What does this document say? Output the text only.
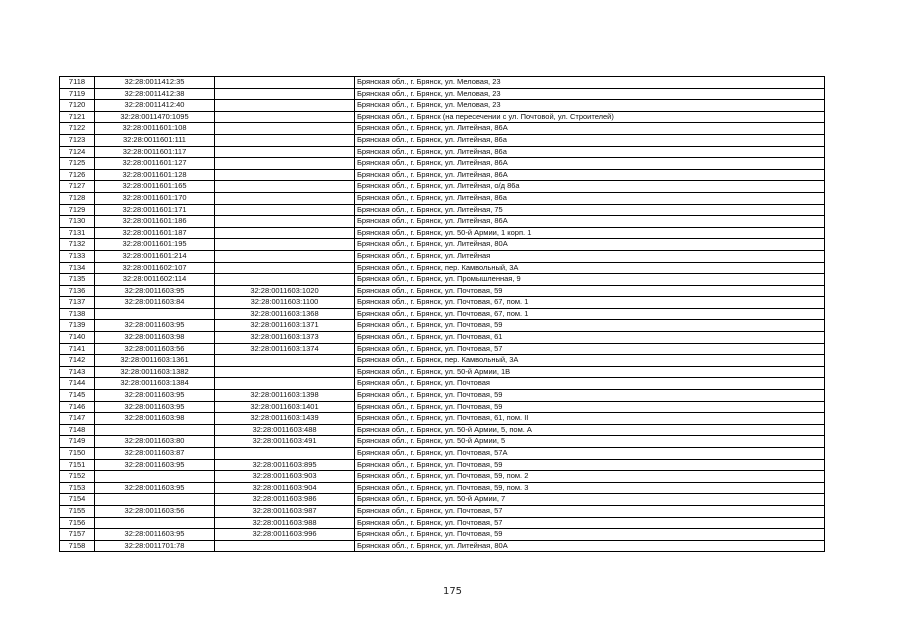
7118	32:28:0011412:35		Брянская обл., г. Брянск, ул. Меловая, 23
7119	32:28:0011412:38		Брянская обл., г. Брянск, ул. Меловая, 23
7120	32:28:0011412:40		Брянская обл., г. Брянск, ул. Меловая, 23
7121	32:28:0011470:1095		Брянская обл., г. Брянск (на пересечении с ул. Почтовой, ул. Строителей)
7122	32:28:0011601:108		Брянская обл., г. Брянск, ул. Литейная, 86А
7123	32:28:0011601:111		Брянская обл., г. Брянск, ул. Литейная, 86а
7124	32:28:0011601:117		Брянская обл., г. Брянск, ул. Литейная, 86а
7125	32:28:0011601:127		Брянская обл., г. Брянск, ул. Литейная, 86А
7126	32:28:0011601:128		Брянская обл., г. Брянск, ул. Литейная, 86А
7127	32:28:0011601:165		Брянская обл., г. Брянск, ул. Литейная, о/д 86а
7128	32:28:0011601:170		Брянская обл., г. Брянск, ул. Литейная, 86а
7129	32:28:0011601:171		Брянская обл., г. Брянск, ул. Литейная, 75
7130	32:28:0011601:186		Брянская обл., г. Брянск, ул. Литейная, 86А
7131	32:28:0011601:187		Брянская обл., г. Брянск, ул. 50-й Армии, 1 корп. 1
7132	32:28:0011601:195		Брянская обл., г. Брянск, ул. Литейная, 80А
7133	32:28:0011601:214		Брянская обл., г. Брянск, ул. Литейная
7134	32:28:0011602:107		Брянская обл., г. Брянск, пер. Камвольный, 3А
7135	32:28:0011602:114		Брянская обл., г. Брянск, ул. Промышленная, 9
7136	32:28:0011603:95	32:28:0011603:1020	Брянская обл., г. Брянск, ул. Почтовая, 59
7137	32:28:0011603:84	32:28:0011603:1100	Брянская обл., г. Брянск, ул. Почтовая, 67, пом. 1
7138		32:28:0011603:1368	Брянская обл., г. Брянск, ул. Почтовая, 67, пом. 1
7139	32:28:0011603:95	32:28:0011603:1371	Брянская обл., г. Брянск, ул. Почтовая, 59
7140	32:28:0011603:98	32:28:0011603:1373	Брянская обл., г. Брянск, ул. Почтовая, 61
7141	32:28:0011603:56	32:28:0011603:1374	Брянская обл., г. Брянск, ул. Почтовая, 57
7142	32:28:0011603:1361		Брянская обл., г. Брянск, пер. Камвольный, 3А
7143	32:28:0011603:1382		Брянская обл., г. Брянск, ул. 50-й Армии, 1В
7144	32:28:0011603:1384		Брянская обл., г. Брянск, ул. Почтовая
7145	32:28:0011603:95	32:28:0011603:1398	Брянская обл., г. Брянск, ул. Почтовая, 59
7146	32:28:0011603:95	32:28:0011603:1401	Брянская обл., г. Брянск, ул. Почтовая, 59
7147	32:28:0011603:98	32:28:0011603:1439	Брянская обл., г. Брянск, ул. Почтовая, 61, пом. II
7148		32:28:0011603:488	Брянская обл., г. Брянск, ул. 50-й Армии, 5, пом. А
7149	32:28:0011603:80	32:28:0011603:491	Брянская обл., г. Брянск, ул. 50-й Армии, 5
7150	32:28:0011603:87		Брянская обл., г. Брянск, ул. Почтовая, 57А
7151	32:28:0011603:95	32:28:0011603:895	Брянская обл., г. Брянск, ул. Почтовая, 59
7152		32:28:0011603:903	Брянская обл., г. Брянск, ул. Почтовая, 59, пом. 2
7153	32:28:0011603:95	32:28:0011603:904	Брянская обл., г. Брянск, ул. Почтовая, 59, пом. 3
7154		32:28:0011603:986	Брянская обл., г. Брянск, ул. 50-й Армии, 7
7155	32:28:0011603:56	32:28:0011603:987	Брянская обл., г. Брянск, ул. Почтовая, 57
7156		32:28:0011603:988	Брянская обл., г. Брянск, ул. Почтовая, 57
7157	32:28:0011603:95	32:28:0011603:996	Брянская обл., г. Брянск, ул. Почтовая, 59
7158	32:28:0011701:78		Брянская обл., г. Брянск, ул. Литейная, 80А
175
